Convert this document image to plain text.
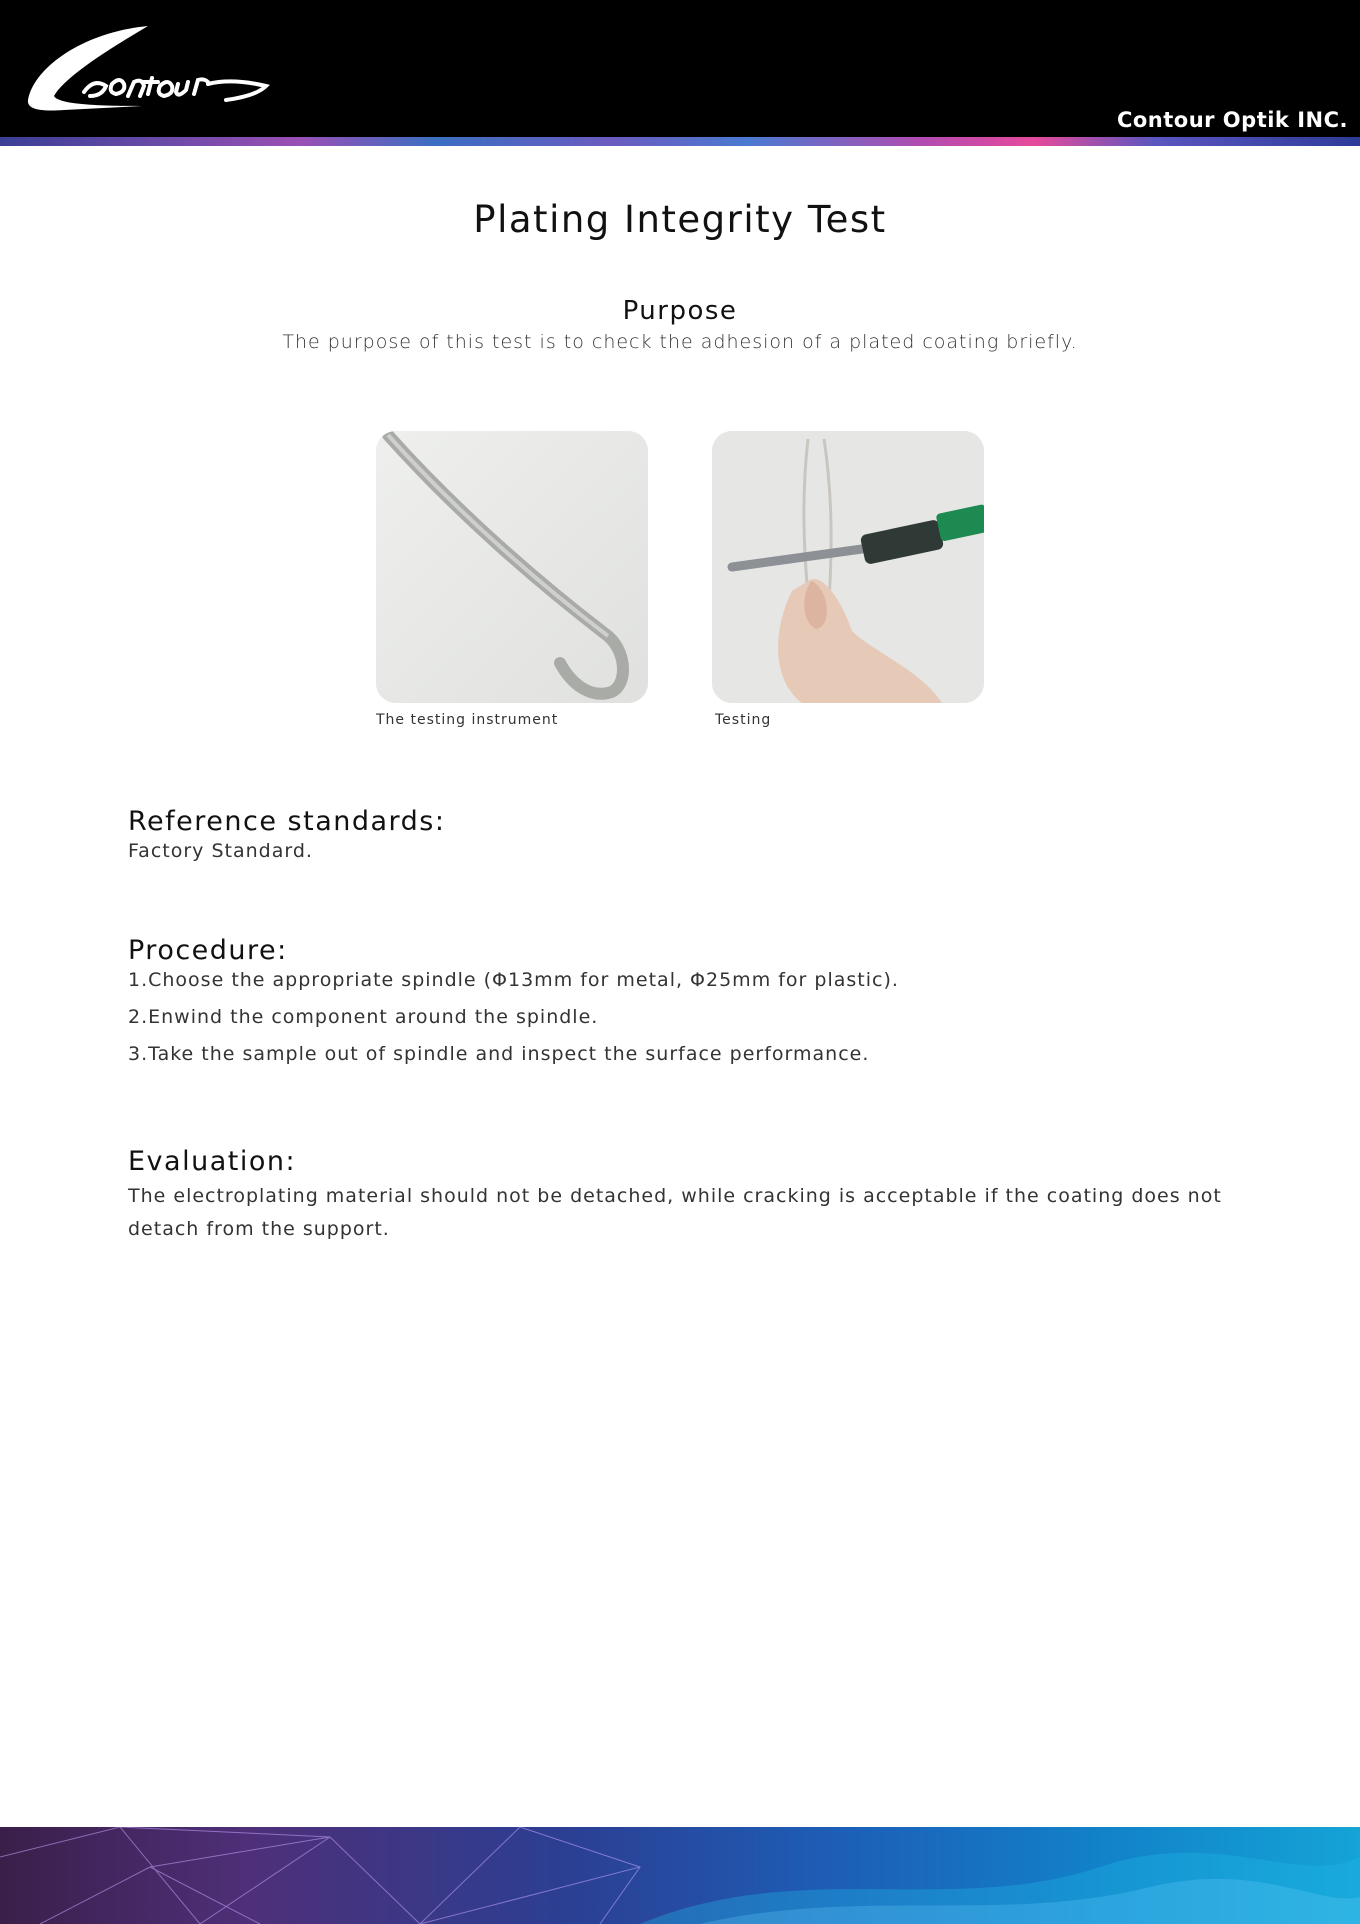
Contour Optik INC.
Plating Integrity Test
Purpose
The purpose of this test is to check the adhesion of a plated coating briefly.
The testing instrument	Testing
Reference standards:
Factory Standard.
Procedure:
1.Choose the appropriate spindle (Φ13mm for metal, Φ25mm for plastic).
2.Enwind the component around the spindle.
3.Take the sample out of spindle and inspect the surface performance.
Evaluation:
The electroplating material should not be detached, while cracking is acceptable if the coating does not detach from the support.
